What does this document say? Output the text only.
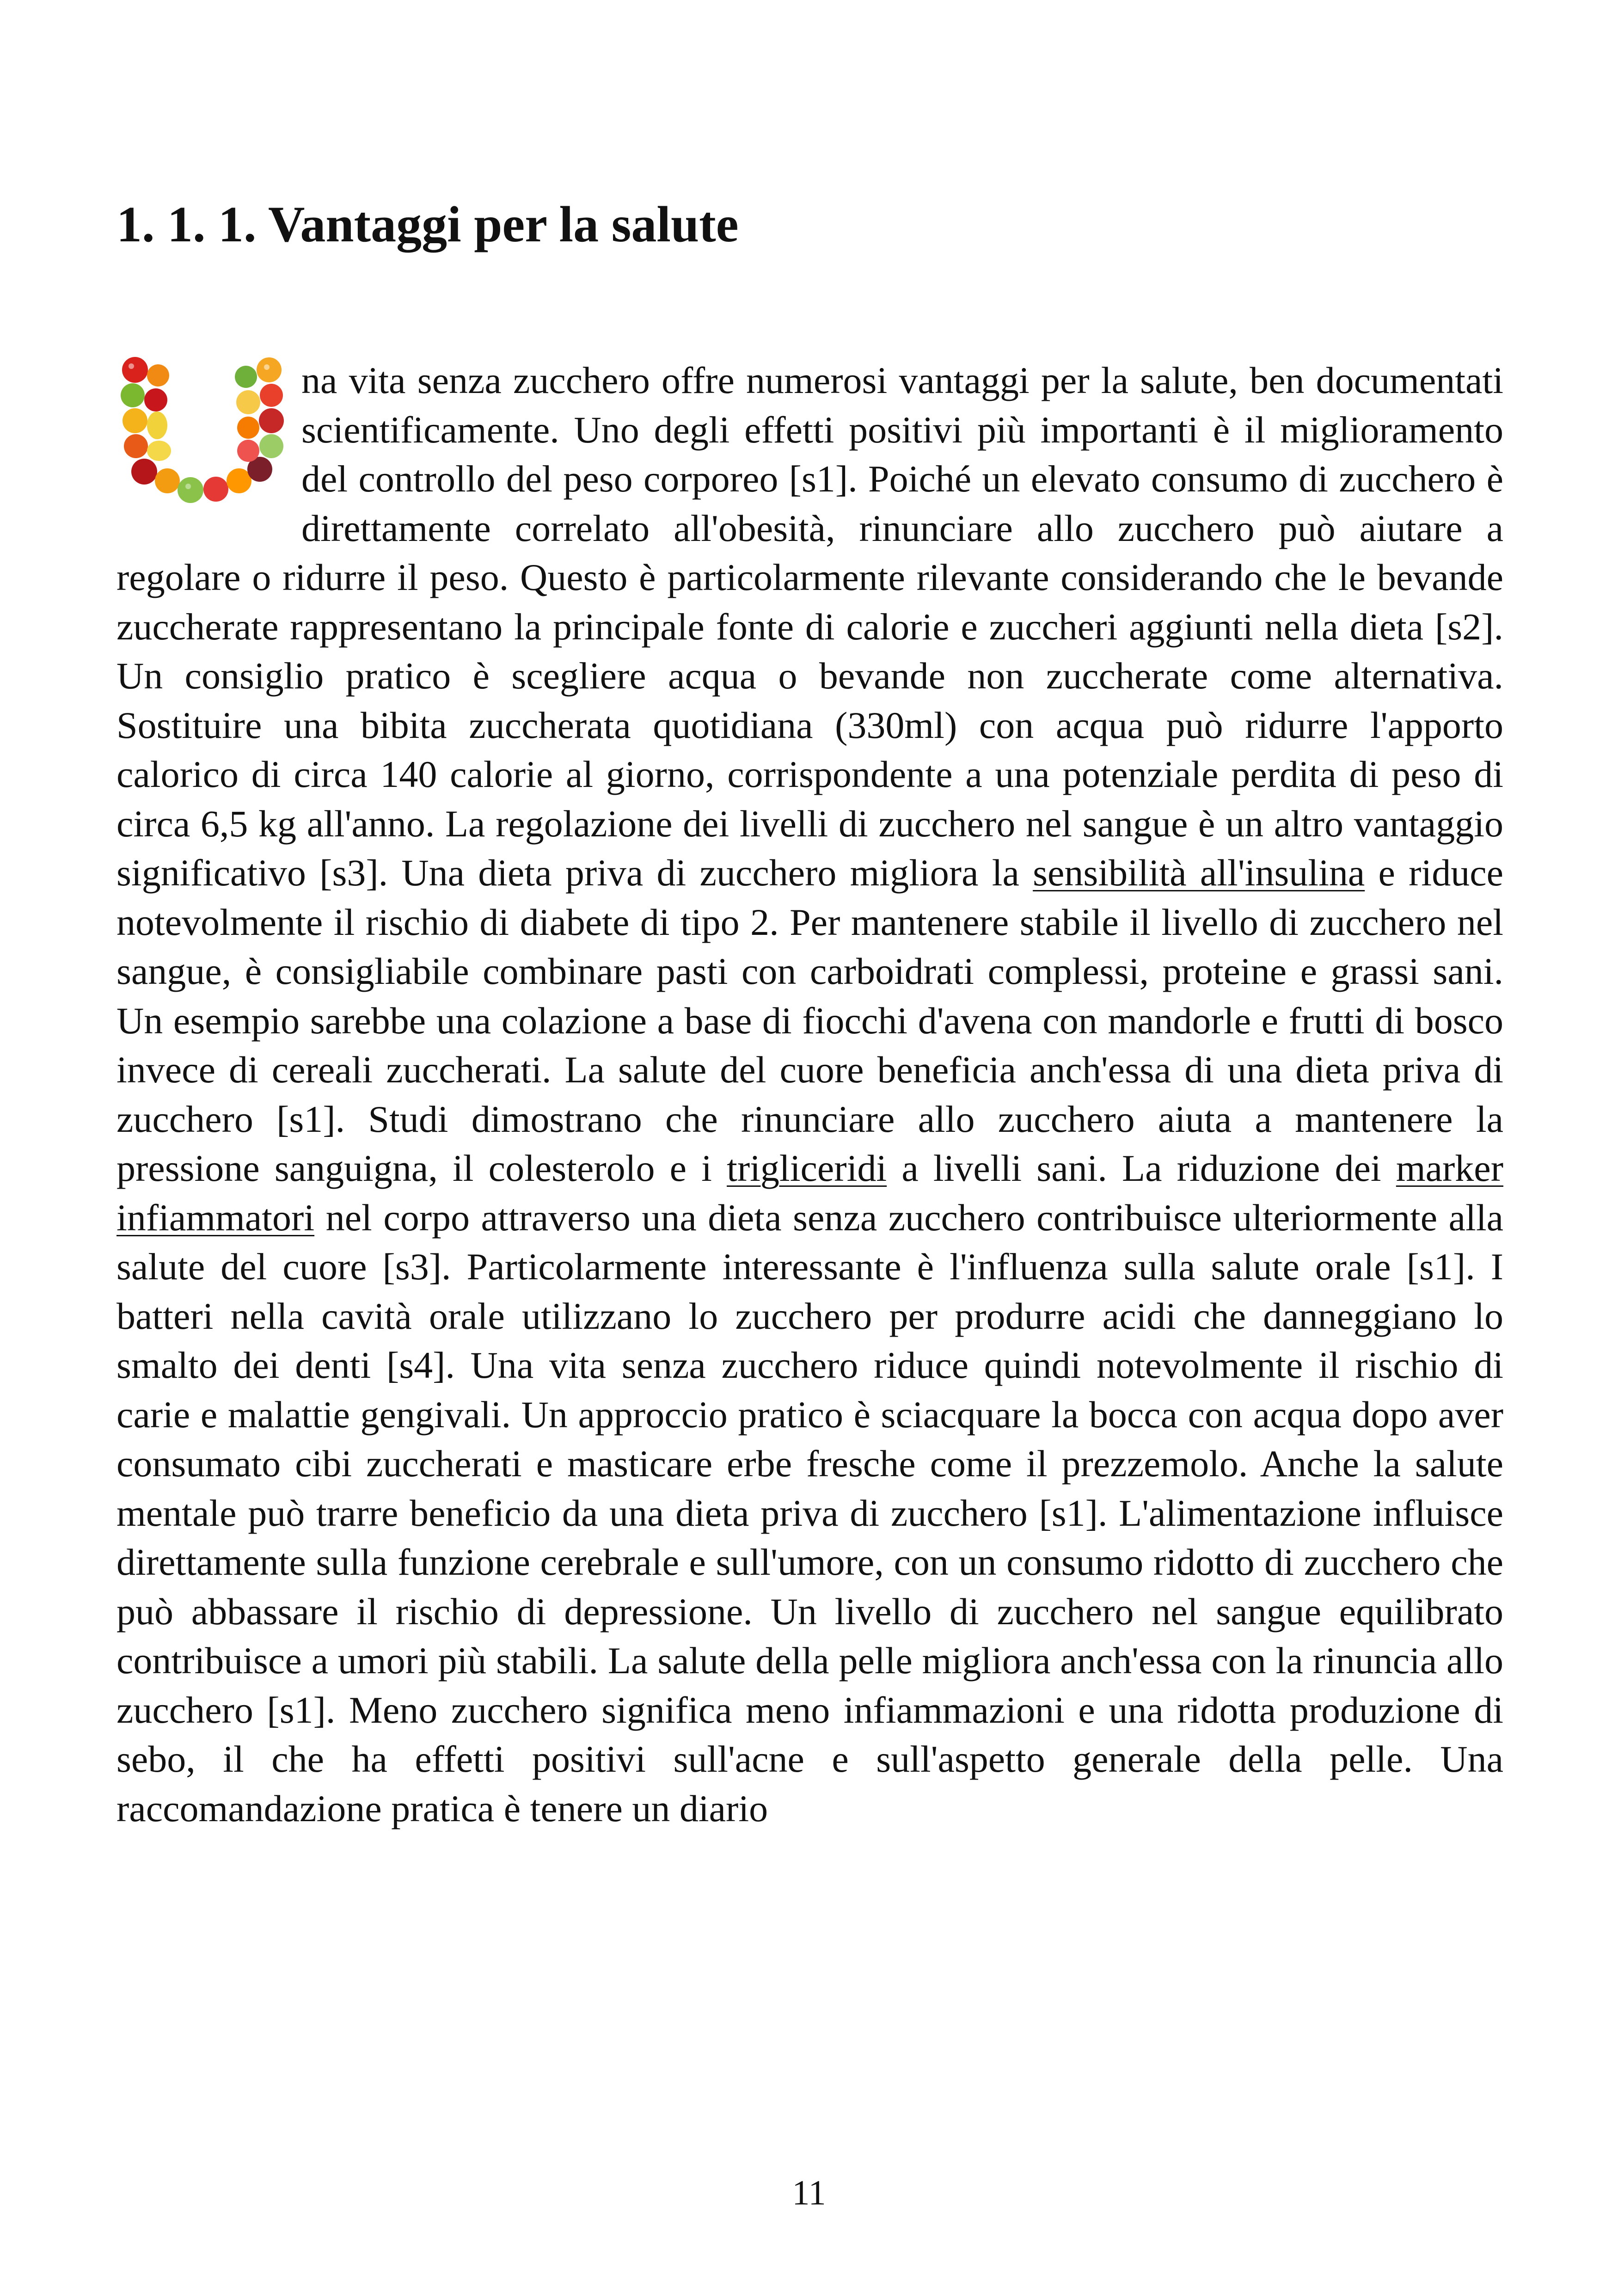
1. 1. 1. Vantaggi per la salute

na vita senza zucchero offre numerosi vantaggi per la salute, ben documentati scientificamente. Uno degli effetti positivi più importanti è il miglioramento del controllo del peso corporeo [s1]. Poiché un elevato consumo di zucchero è direttamente correlato all'obesità, rinunciare allo zucchero può aiutare a regolare o ridurre il peso. Questo è particolarmente rilevante considerando che le bevande zuccherate rappresentano la principale fonte di calorie e zuccheri aggiunti nella dieta [s2]. Un consiglio pratico è scegliere acqua o bevande non zuccherate come alternativa. Sostituire una bibita zuccherata quotidiana (330ml) con acqua può ridurre l'apporto calorico di circa 140 calorie al giorno, corrispondente a una potenziale perdita di peso di circa 6,5 kg all'anno. La regolazione dei livelli di zucchero nel sangue è un altro vantaggio significativo [s3]. Una dieta priva di zucchero migliora la sensibilità all'insulina e riduce notevolmente il rischio di diabete di tipo 2. Per mantenere stabile il livello di zucchero nel sangue, è consigliabile combinare pasti con carboidrati complessi, proteine e grassi sani. Un esempio sarebbe una colazione a base di fiocchi d'avena con mandorle e frutti di bosco invece di cereali zuccherati. La salute del cuore beneficia anch'essa di una dieta priva di zucchero [s1]. Studi dimostrano che rinunciare allo zucchero aiuta a mantenere la pressione sanguigna, il colesterolo e i trigliceridi a livelli sani. La riduzione dei marker infiammatori nel corpo attraverso una dieta senza zucchero contribuisce ulteriormente alla salute del cuore [s3]. Particolarmente interessante è l'influenza sulla salute orale [s1]. I batteri nella cavità orale utilizzano lo zucchero per produrre acidi che danneggiano lo smalto dei denti [s4]. Una vita senza zucchero riduce quindi notevolmente il rischio di carie e malattie gengivali. Un approccio pratico è sciacquare la bocca con acqua dopo aver consumato cibi zuccherati e masticare erbe fresche come il prezzemolo. Anche la salute mentale può trarre beneficio da una dieta priva di zucchero [s1]. L'alimentazione influisce direttamente sulla funzione cerebrale e sull'umore, con un consumo ridotto di zucchero che può abbassare il rischio di depressione. Un livello di zucchero nel sangue equilibrato contribuisce a umori più stabili. La salute della pelle migliora anch'essa con la rinuncia allo zucchero [s1]. Meno zucchero significa meno infiammazioni e una ridotta produzione di sebo, il che ha effetti positivi sull'acne e sull'aspetto generale della pelle. Una raccomandazione pratica è tenere un diario

11
